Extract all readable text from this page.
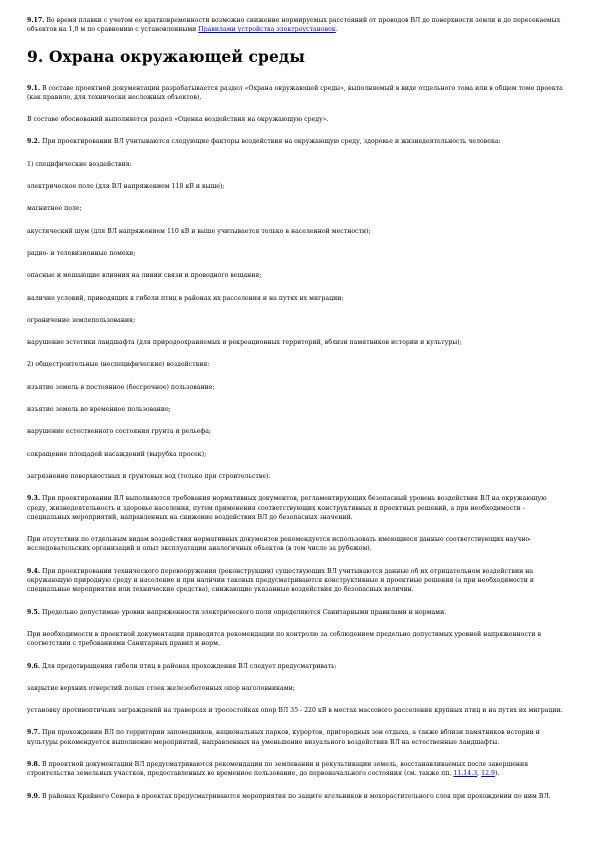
9.17. Во время плавки с учетом ее кратковременности возможно снижение нормируемых расстояний от проводов ВЛ до поверхности земли и до пересекаемых объектов на 1,0 м по сравнению с установленными Правилами устройства электроустановок.

9. Охрана окружающей среды

9.1. В составе проектной документации разрабатывается раздел «Охрана окружающей среды», выполняемый в виде отдельного тома или в общем томе проекта (как правило, для технически несложных объектов).

В составе обоснований выполняется раздел «Оценка воздействия на окружающую среду».

9.2. При проектировании ВЛ учитываются следующие факторы воздействия на окружающую среду, здоровье и жизнедеятельность человека:

1) специфические воздействия:

электрическое поле (для ВЛ напряжением 110 кВ и выше);

магнитное поле;

акустический шум (для ВЛ напряжением 110 кВ и выше учитывается только в населенной местности);

радио- и телевизионные помехи;

опасные и мешающие влияния на линии связи и проводного вещания;

наличие условий, приводящих к гибели птиц в районах их расселения и на путях их миграции;

ограничение землепользования;

нарушение эстетики ландшафта (для природоохраняемых и рекреационных территорий, вблизи памятников истории и культуры);

2) общестроительные (неспецифические) воздействия:

изъятие земель в постоянное (бессрочное) пользование;

изъятие земель во временное пользование;

нарушение естественного состояния грунта и рельефа;

сокращение площадей насаждений (вырубка просек);

загрязнение поверхностных и грунтовых вод (только при строительстве).

9.3. При проектировании ВЛ выполняются требования нормативных документов, регламентирующих безопасный уровень воздействия ВЛ на окружающую среду, жизнедеятельность и здоровье населения, путем применения соответствующих конструктивных и проектных решений, а при необходимости - специальных мероприятий, направленных на снижение воздействия ВЛ до безопасных значений.

При отсутствии по отдельным видам воздействия нормативных документов рекомендуется использовать имеющиеся данные соответствующих научно-исследовательских организаций и опыт эксплуатации аналогичных объектов (в том числе за рубежом).

9.4. При проектировании технического перевооружения (реконструкции) существующих ВЛ учитываются данные об их отрицательном воздействии на окружающую природную среду и население и при наличии таковых предусматриваются конструктивные и проектные решения (а при необходимости и специальные мероприятия или технические средства), снижающие указанные воздействия до безопасных величин.

9.5. Предельно допустимые уровни напряженности электрического поля определяются Санитарными правилами и нормами.

При необходимости в проектной документации приводятся рекомендации по контролю за соблюдением предельно допустимых уровней напряженности в соответствии с требованиями Санитарных правил и норм.

9.6. Для предотвращения гибели птиц в районах прохождения ВЛ следует предусматривать:

закрытие верхних отверстий полых стоек железобетонных опор наголовниками;

установку противоптичьих заграждений на траверсах и тросостойках опор ВЛ 35 - 220 кВ в местах массового расселения крупных птиц и на путях их миграции.

9.7. При прохождении ВЛ по территории заповедников, национальных парков, курортов, пригородных зон отдыха, а также вблизи памятников истории и культуры рекомендуется выполнение мероприятий, направленных на уменьшение визуального воздействия ВЛ на естественные ландшафты.

9.8. В проектной документации ВЛ предусматриваются рекомендации по землевании и рекультивации земель, восстанавливаемых после завершения строительства земельных участков, предоставленных во временное пользование, до первоначального состояния (см. также пп. 11.14.3, 12.9).

9.9. В районах Крайнего Севера в проектах предусматриваются мероприятия по защите ягельников и мохорастительного слоя при прохождении по ним ВЛ.
